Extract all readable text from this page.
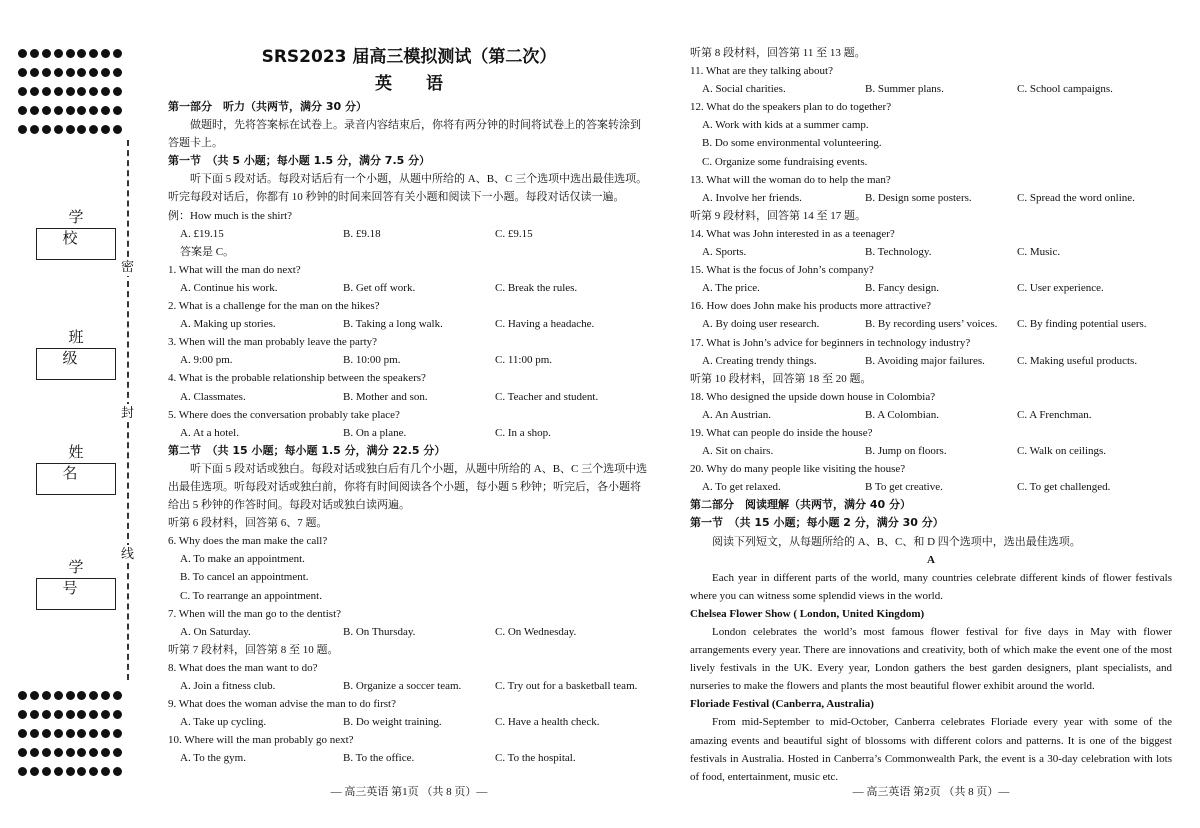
密
封
线
学 校
班 级
姓 名
学 号
SRS2023 届高三模拟测试（第二次）
英 语
第一部分　听力（共两节，满分 30 分）
做题时，先将答案标在试卷上。录音内容结束后，你将有两分钟的时间将试卷上的答案转涂到答题卡上。
第一节　（共 5 小题；每小题 1.5 分，满分 7.5 分）
听下面 5 段对话。每段对话后有一个小题，从题中所给的 A、B、C 三个选项中选出最佳选项。听完每段对话后，你都有 10 秒钟的时间来回答有关小题和阅读下一小题。每段对话仅读一遍。
例：How much is the shirt?
A. £19.15	B. £9.18	C. £9.15
答案是 C。
1. What will the man do next?
A. Continue his work.	B. Get off work.	C. Break the rules.
2. What is a challenge for the man on the hikes?
A. Making up stories.	B. Taking a long walk.	C. Having a headache.
3. When will the man probably leave the party?
A. 9:00 pm.	B. 10:00 pm.	C. 11:00 pm.
4. What is the probable relationship between the speakers?
A. Classmates.	B. Mother and son.	C. Teacher and student.
5. Where does the conversation probably take place?
A. At a hotel.	B. On a plane.	C. In a shop.
第二节　（共 15 小题；每小题 1.5 分，满分 22.5 分）
听下面 5 段对话或独白。每段对话或独白后有几个小题，从题中所给的 A、B、C 三个选项中选出最佳选项。听每段对话或独白前，你将有时间阅读各个小题，每小题 5 秒钟；听完后，各小题将给出 5 秒钟的作答时间。每段对话或独白读两遍。
听第 6 段材料，回答第 6、7 题。
6. Why does the man make the call?
A. To make an appointment.
B. To cancel an appointment.
C. To rearrange an appointment.
7. When will the man go to the dentist?
A. On Saturday.	B. On Thursday.	C. On Wednesday.
听第 7 段材料，回答第 8 至 10 题。
8. What does the man want to do?
A. Join a fitness club.	B. Organize a soccer team.	C. Try out for a basketball team.
9. What does the woman advise the man to do first?
A. Take up cycling.	B. Do weight training.	C. Have a health check.
10. Where will the man probably go next?
A. To the gym.	B. To the office.	C. To the hospital.
— 高三英语 第1页 （共 8 页）—
听第 8 段材料，回答第 11 至 13 题。
11. What are they talking about?
A. Social charities.	B. Summer plans.	C. School campaigns.
12. What do the speakers plan to do together?
A. Work with kids at a summer camp.
B. Do some environmental volunteering.
C. Organize some fundraising events.
13. What will the woman do to help the man?
A. Involve her friends.	B. Design some posters.	C. Spread the word online.
听第 9 段材料，回答第 14 至 17 题。
14. What was John interested in as a teenager?
A. Sports.	B. Technology.	C. Music.
15. What is the focus of John’s company?
A. The price.	B. Fancy design.	C. User experience.
16. How does John make his products more attractive?
A. By doing user research.	B. By recording users’ voices.	C. By finding potential users.
17. What is John’s advice for beginners in technology industry?
A. Creating trendy things.	B. Avoiding major failures.	C. Making useful products.
听第 10 段材料，回答第 18 至 20 题。
18. Who designed the upside down house in Colombia?
A. An Austrian.	B. A Colombian.	C. A Frenchman.
19. What can people do inside the house?
A. Sit on chairs.	B. Jump on floors.	C. Walk on ceilings.
20. Why do many people like visiting the house?
A. To get relaxed.	B To get creative.	C. To get challenged.
第二部分　阅读理解（共两节，满分 40 分）
第一节　（共 15 小题；每小题 2 分，满分 30 分）
阅读下列短文，从每题所给的 A、B、C、和 D 四个选项中，选出最佳选项。
A
Each year in different parts of the world, many countries celebrate different kinds of flower festivals where you can witness some splendid views in the world.
Chelsea Flower Show ( London, United Kingdom)
London celebrates the world’s most famous flower festival for five days in May with flower arrangements every year. There are innovations and creativity, both of which make the event one of the most lively festivals in the UK. Every year, London gathers the best garden designers, plant specialists, and nurseries to make the flowers and plants the most beautiful flower exhibit around the world.
Floriade Festival (Canberra, Australia)
From mid-September to mid-October, Canberra celebrates Floriade every year with some of the amazing events and beautiful sight of blossoms with different colors and patterns. It is one of the biggest festivals in Australia. Hosted in Canberra’s Commonwealth Park, the event is a 30-day celebration with lots of food, entertainment, music etc.
— 高三英语 第2页 （共 8 页）—
